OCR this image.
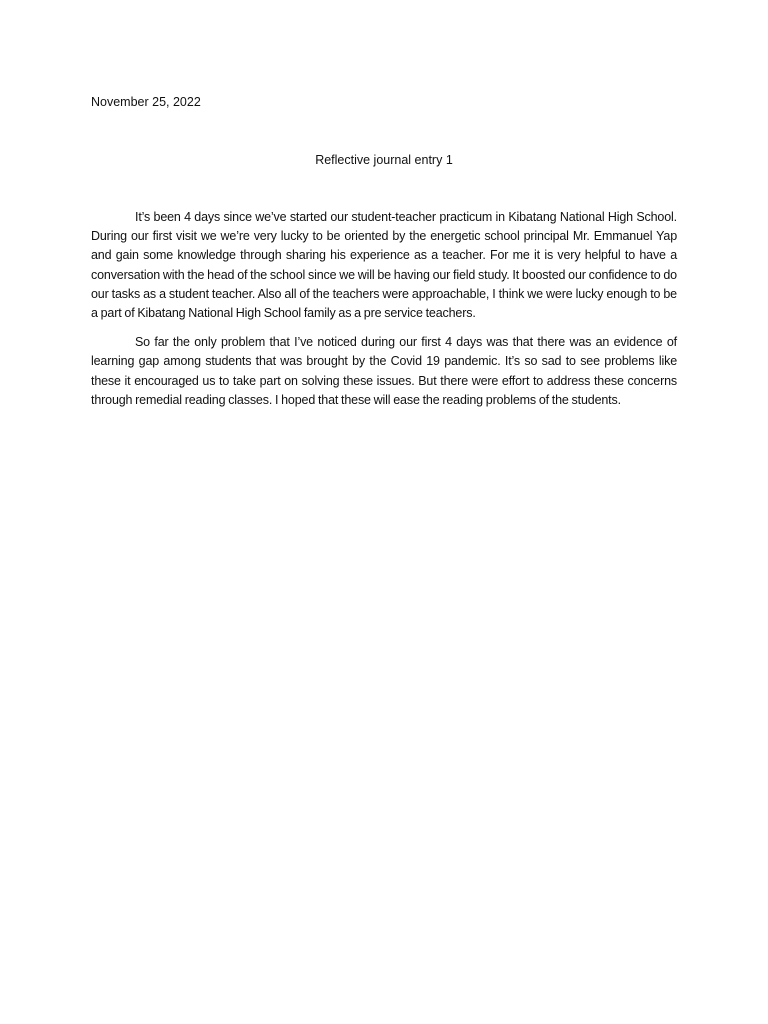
November 25, 2022
Reflective journal entry 1

It’s been 4 days since we’ve started our student-teacher practicum in Kibatang National High School. During our first visit we we’re very lucky to be oriented by the energetic school principal Mr. Emmanuel Yap and gain some knowledge through sharing his experience as a teacher. For me it is very helpful to have a conversation with the head of the school since we will be having our field study. It boosted our confidence to do our tasks as a student teacher. Also all of the teachers were approachable, I think we were lucky enough to be a part of Kibatang National High School family as a pre service teachers.

So far the only problem that I’ve noticed during our first 4 days was that there was an evidence of learning gap among students that was brought by the Covid 19 pandemic. It’s so sad to see problems like these it encouraged us to take part on solving these issues. But there were effort to address these concerns through remedial reading classes. I hoped that these will ease the reading problems of the students.
